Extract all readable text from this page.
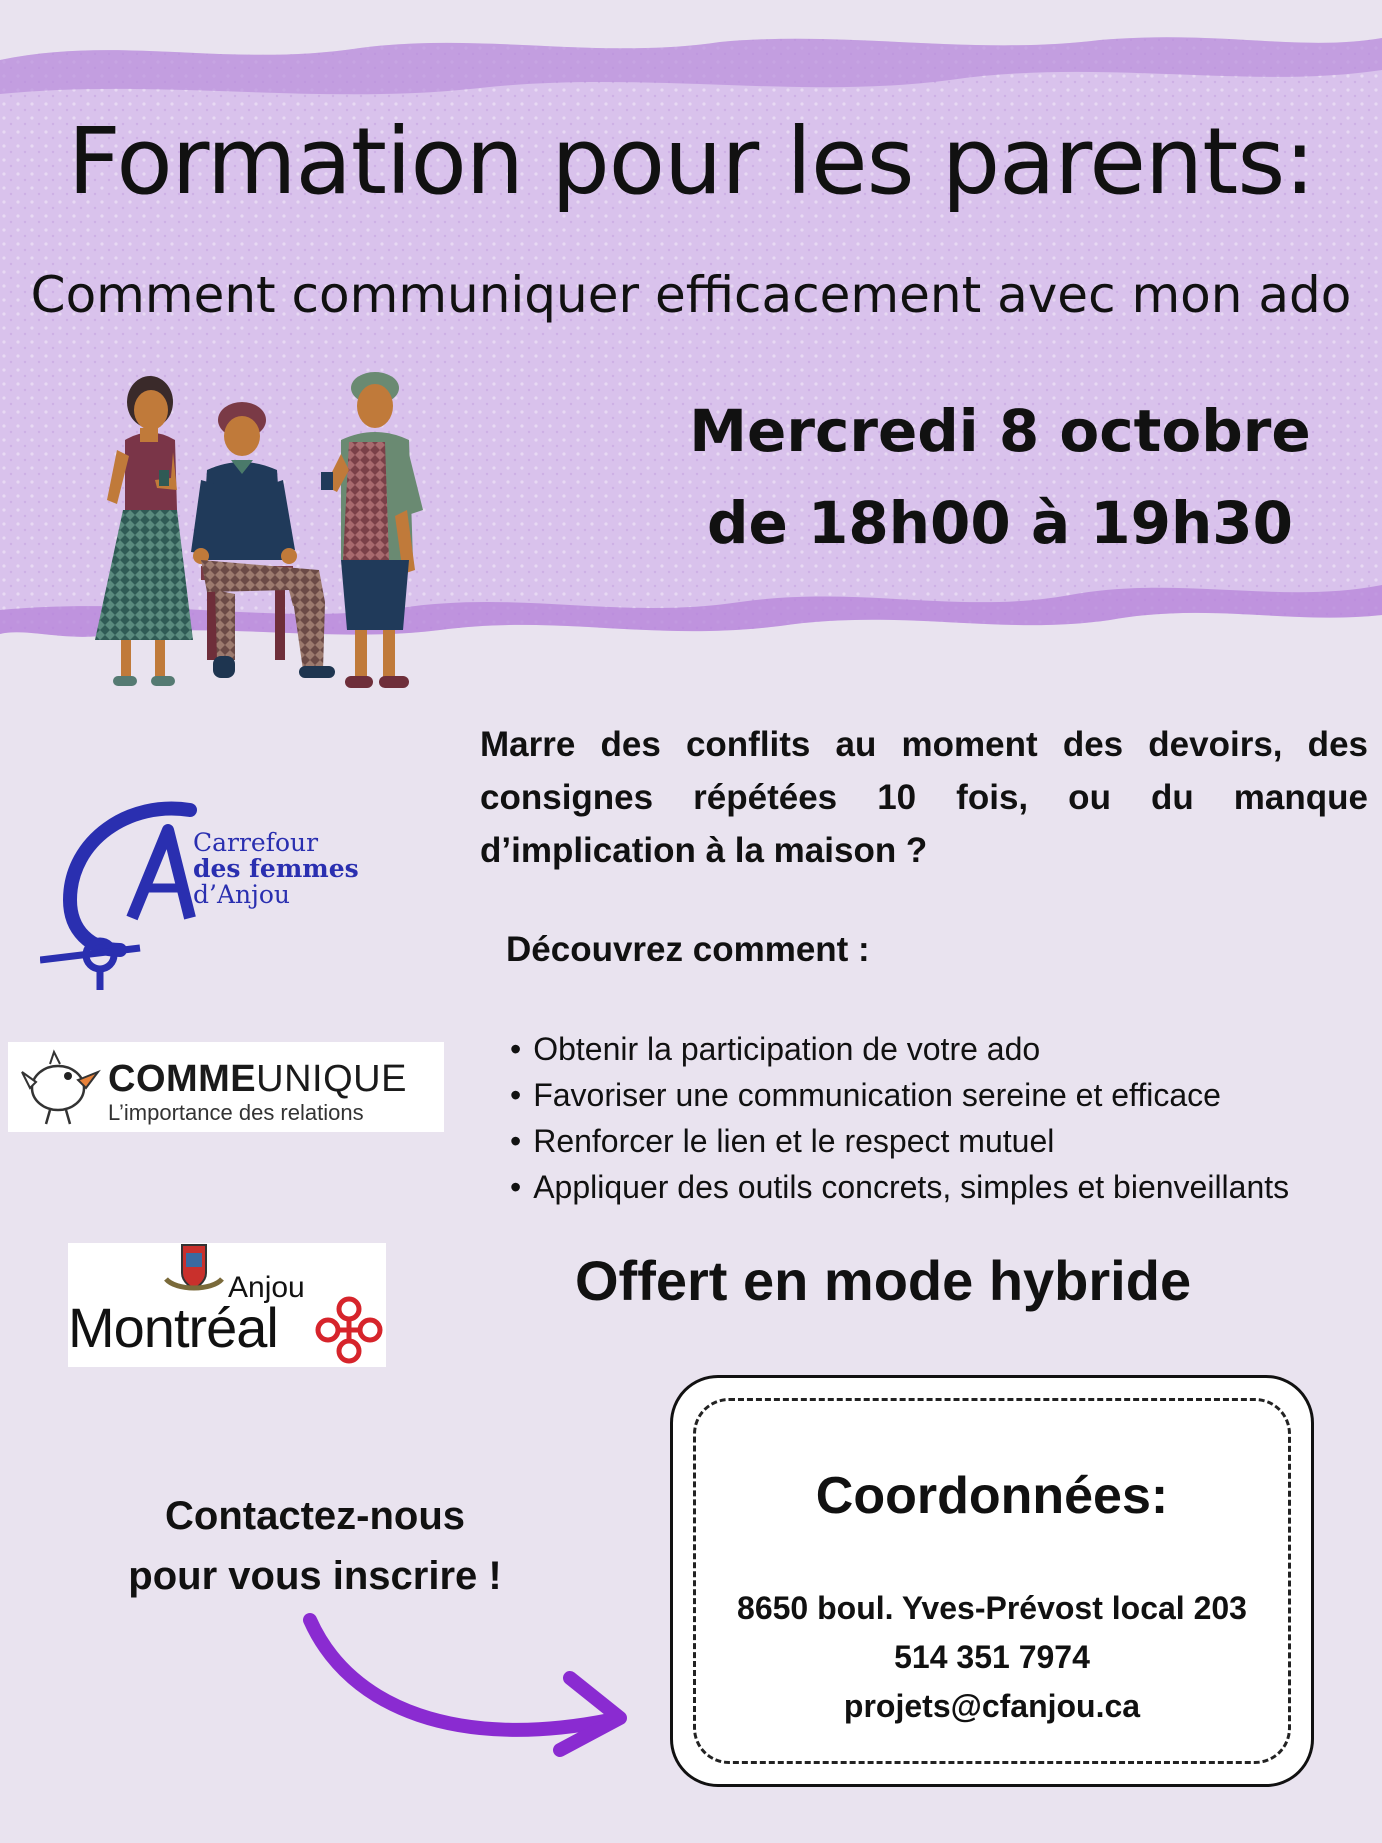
Formation pour les parents:

Comment communiquer efficacement avec mon ado

Mercredi 8 octobre
de 18h00 à 19h30

Marre des conflits au moment des devoirs, des consignes répétées 10 fois, ou du manque d’implication à la maison ?

Découvrez comment :
• Obtenir la participation de votre ado
• Favoriser une communication sereine et efficace
• Renforcer le lien et le respect mutuel
• Appliquer des outils concrets, simples et bienveillants
Offert en mode hybride
Carrefour
des femmes
d’Anjou
COMMEUNIQUE
L’importance des relations
Anjou
Montréal
Contactez-nous
pour vous inscrire !
Coordonnées:
8650 boul. Yves-Prévost local 203
514 351 7974
projets@cfanjou.ca
